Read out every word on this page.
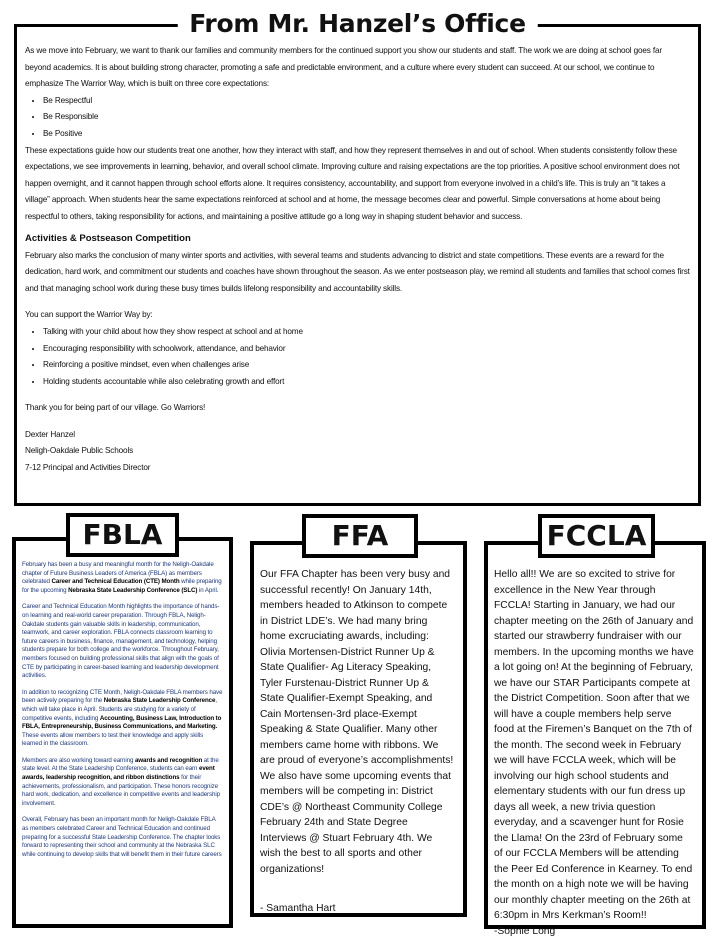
From Mr. Hanzel’s Office

As we move into February, we want to thank our families and community members for the continued support you show our students and staff. The work we are doing at school goes far beyond academics. It is about building strong character, promoting a safe and predictable environment, and a culture where every student can succeed. At our school, we continue to emphasize The Warrior Way, which is built on three core expectations:

• Be Respectful
• Be Responsible
• Be Positive

These expectations guide how our students treat one another, how they interact with staff, and how they represent themselves in and out of school. When students consistently follow these expectations, we see improvements in learning, behavior, and overall school climate. Improving culture and raising expectations are the top priorities. A positive school environment does not happen overnight, and it cannot happen through school efforts alone. It requires consistency, accountability, and support from everyone involved in a child’s life. This is truly an “it takes a village” approach. When students hear the same expectations reinforced at school and at home, the message becomes clear and powerful. Simple conversations at home about being respectful to others, taking responsibility for actions, and maintaining a positive attitude go a long way in shaping student behavior and success.

Activities & Postseason Competition

February also marks the conclusion of many winter sports and activities, with several teams and students advancing to district and state competitions. These events are a reward for the dedication, hard work, and commitment our students and coaches have shown throughout the season. As we enter postseason play, we remind all students and families that school comes first and that managing school work during these busy times builds lifelong responsibility and accountability skills.

You can support the Warrior Way by:

• Talking with your child about how they show respect at school and at home
• Encouraging responsibility with schoolwork, attendance, and behavior
• Reinforcing a positive mindset, even when challenges arise
• Holding students accountable while also celebrating growth and effort

Thank you for being part of our village. Go Warriors!

Dexter Hanzel

Neligh-Oakdale Public Schools

7-12 Principal and Activities Director

FBLA

February has been a busy and meaningful month for the Neligh-Oakdale chapter of Future Business Leaders of America (FBLA) as members celebrated Career and Technical Education (CTE) Month while preparing for the upcoming Nebraska State Leadership Conference (SLC) in April.

Career and Technical Education Month highlights the importance of hands-on learning and real-world career preparation. Through FBLA, Neligh-Oakdale students gain valuable skills in leadership, communication, teamwork, and career exploration. FBLA connects classroom learning to future careers in business, finance, management, and technology, helping students prepare for both college and the workforce. Throughout February, members focused on building professional skills that align with the goals of CTE by participating in career-based learning and leadership development activities.

In addition to recognizing CTE Month, Neligh-Oakdale FBLA members have been actively preparing for the Nebraska State Leadership Conference, which will take place in April. Students are studying for a variety of competitive events, including Accounting, Business Law, Introduction to FBLA, Entrepreneurship, Business Communications, and Marketing. These events allow members to test their knowledge and apply skills learned in the classroom.

Members are also working toward earning awards and recognition at the state level. At the State Leadership Conference, students can earn event awards, leadership recognition, and ribbon distinctions for their achievements, professionalism, and participation. These honors recognize hard work, dedication, and excellence in competitive events and leadership involvement.

Overall, February has been an important month for Neligh-Oakdale FBLA as members celebrated Career and Technical Education and continued preparing for a successful State Leadership Conference. The chapter looks forward to representing their school and community at the Nebraska SLC while continuing to develop skills that will benefit them in their future careers

FFA

Our FFA Chapter has been very busy and successful recently! On January 14th, members headed to Atkinson to compete in District LDE’s. We had many bring home excruciating awards, including: Olivia Mortensen-District Runner Up & State Qualifier- Ag Literacy Speaking, Tyler Furstenau-District Runner Up & State Qualifier-Exempt Speaking, and Cain Mortensen-3rd place-Exempt Speaking & State Qualifier. Many other members came home with ribbons. We are proud of everyone’s accomplishments! We also have some upcoming events that members will be competing in: District CDE’s @ Northeast Community College February 24th and State Degree Interviews @ Stuart February 4th. We wish the best to all sports and other organizations!

- Samantha Hart

FCCLA

Hello all!! We are so excited to strive for excellence in the New Year through FCCLA! Starting in January, we had our chapter meeting on the 26th of January and started our strawberry fundraiser with our members. In the upcoming months we have a lot going on! At the beginning of February, we have our STAR Participants compete at the District Competition. Soon after that we will have a couple members help serve food at the Firemen’s Banquet on the 7th of the month. The second week in February we will have FCCLA week, which will be involving our high school students and elementary students with our fun dress up days all week, a new trivia question everyday, and a scavenger hunt for Rosie the Llama! On the 23rd of February some of our FCCLA Members will be attending the Peer Ed Conference in Kearney. To end the month on a high note we will be having our monthly chapter meeting on the 26th at 6:30pm in Mrs Kerkman’s Room!!

-Sophie Long
